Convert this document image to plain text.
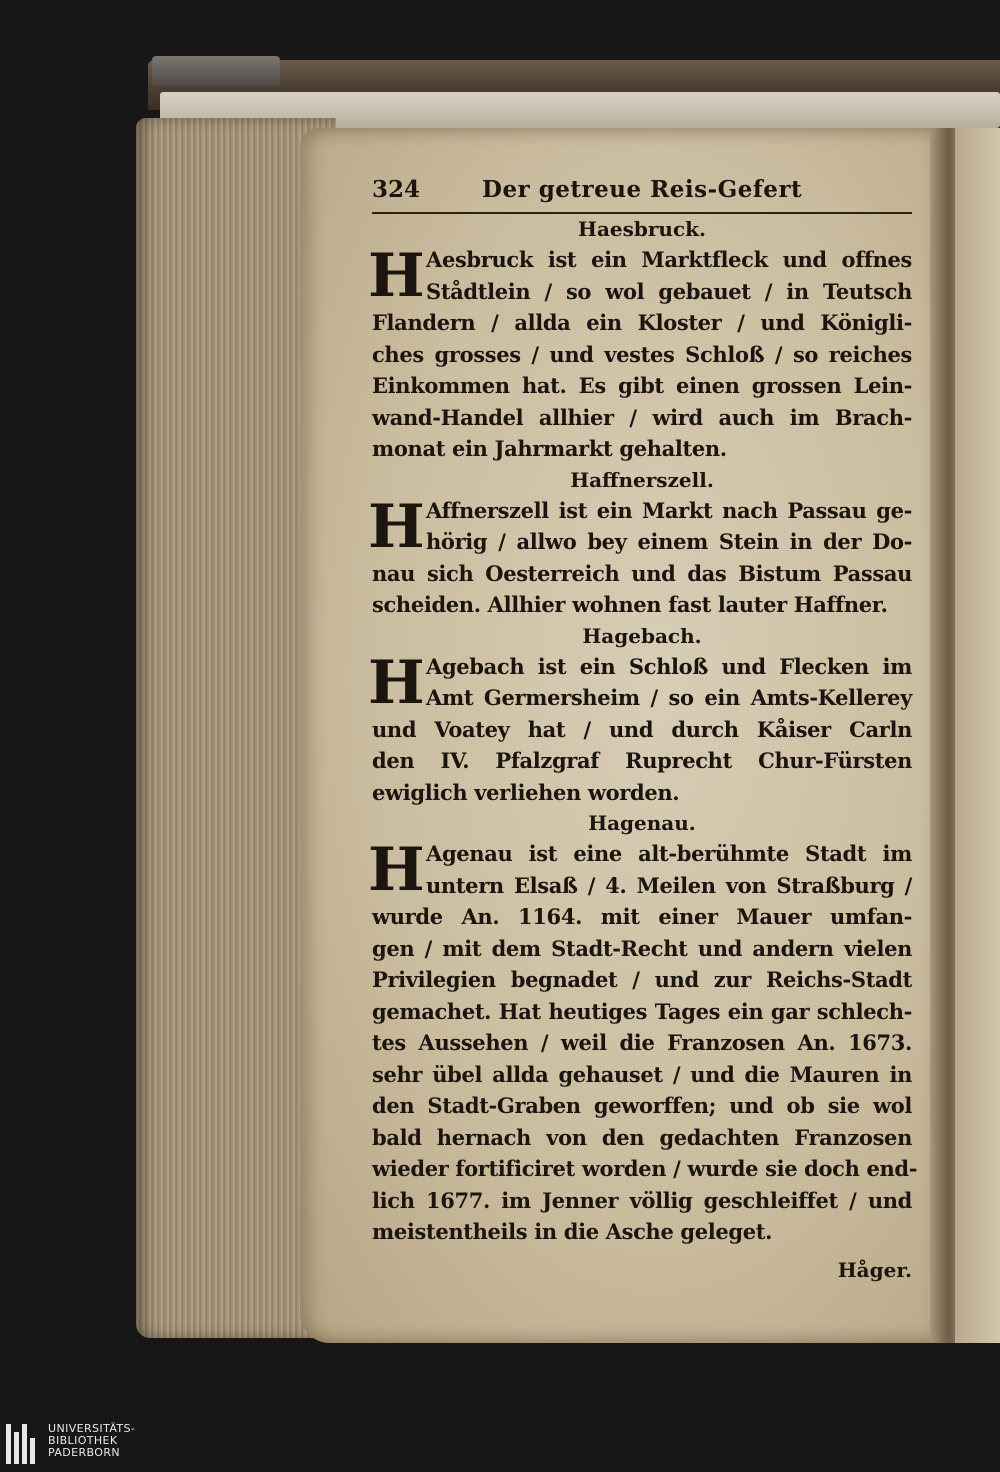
324	Der getreue Reis-Gefert
Haesbruck.
H Aesbruck ist ein Marktfleck und offnes
Stådtlein / so wol gebauet / in Teutsch
Flandern / allda ein Kloster / und Königli-
ches grosses / und vestes Schloß / so reiches
Einkommen hat. Es gibt einen grossen Lein-
wand-Handel allhier / wird auch im Brach-
monat ein Jahrmarkt gehalten.
Haffnerszell.
H Affnerszell ist ein Markt nach Passau ge-
hörig / allwo bey einem Stein in der Do-
nau sich Oesterreich und das Bistum Passau
scheiden. Allhier wohnen fast lauter Haffner.
Hagebach.
H Agebach ist ein Schloß und Flecken im
Amt Germersheim / so ein Amts-Kellerey
und Voatey hat / und durch Kåiser Carln
den IV. Pfalzgraf Ruprecht Chur-Fürsten
ewiglich verliehen worden.
Hagenau.
H Agenau ist eine alt-berühmte Stadt im
untern Elsaß / 4. Meilen von Straßburg /
wurde An. 1164. mit einer Mauer umfan-
gen / mit dem Stadt-Recht und andern vielen
Privilegien begnadet / und zur Reichs-Stadt
gemachet. Hat heutiges Tages ein gar schlech-
tes Aussehen / weil die Franzosen An. 1673.
sehr übel allda gehauset / und die Mauren in
den Stadt-Graben geworffen; und ob sie wol
bald hernach von den gedachten Franzosen
wieder fortificiret worden / wurde sie doch end-
lich 1677. im Jenner völlig geschleiffet / und
meistentheils in die Asche geleget.
Håger.
UNIVERSITÄTS-
BIBLIOTHEK
PADERBORN
